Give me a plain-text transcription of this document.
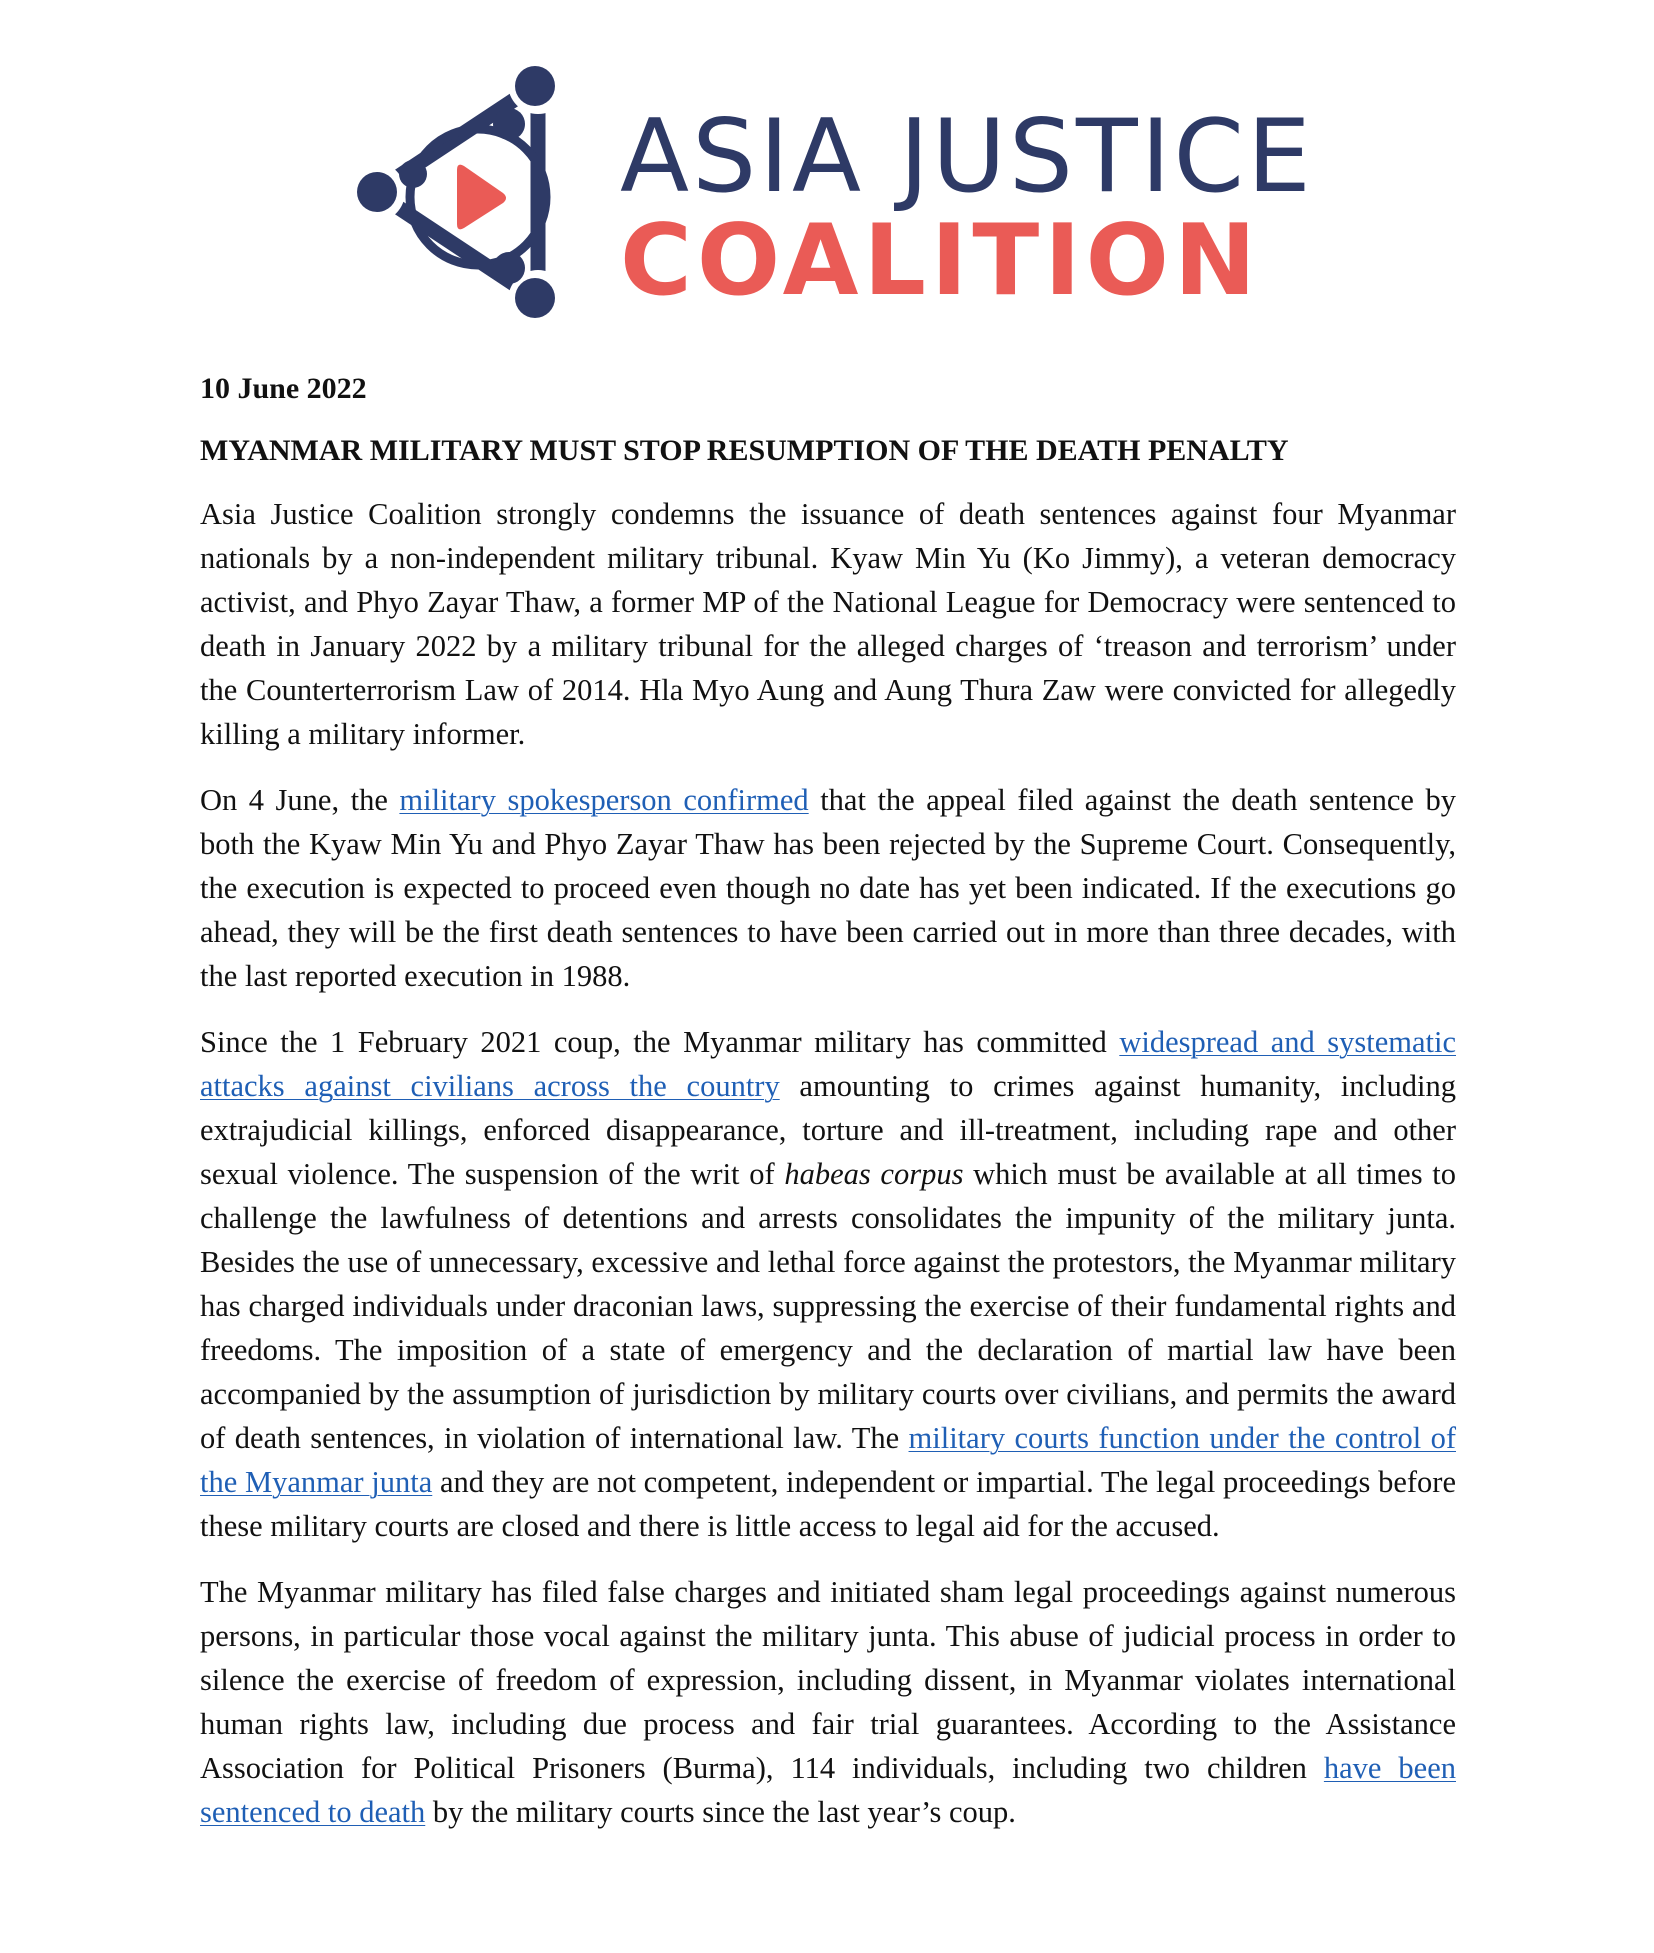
ASIA JUSTICE
COALITION
10 June 2022
MYANMAR MILITARY MUST STOP RESUMPTION OF THE DEATH PENALTY

Asia Justice Coalition strongly condemns the issuance of death sentences against four Myanmar nationals by a non-independent military tribunal. Kyaw Min Yu (Ko Jimmy), a veteran democracy activist, and Phyo Zayar Thaw, a former MP of the National League for Democracy were sentenced to death in January 2022 by a military tribunal for the alleged charges of ‘treason and terrorism’ under the Counterterrorism Law of 2014. Hla Myo Aung and Aung Thura Zaw were convicted for allegedly killing a military informer.

On 4 June, the military spokesperson confirmed that the appeal filed against the death sentence by both the Kyaw Min Yu and Phyo Zayar Thaw has been rejected by the Supreme Court. Consequently, the execution is expected to proceed even though no date has yet been indicated. If the executions go ahead, they will be the first death sentences to have been carried out in more than three decades, with the last reported execution in 1988.

Since the 1 February 2021 coup, the Myanmar military has committed widespread and systematic attacks against civilians across the country amounting to crimes against humanity, including extrajudicial killings, enforced disappearance, torture and ill-treatment, including rape and other sexual violence. The suspension of the writ of habeas corpus which must be available at all times to challenge the lawfulness of detentions and arrests consolidates the impunity of the military junta. Besides the use of unnecessary, excessive and lethal force against the protestors, the Myanmar military has charged individuals under draconian laws, suppressing the exercise of their fundamental rights and freedoms. The imposition of a state of emergency and the declaration of martial law have been accompanied by the assumption of jurisdiction by military courts over civilians, and permits the award of death sentences, in violation of international law. The military courts function under the control of the Myanmar junta and they are not competent, independent or impartial. The legal proceedings before these military courts are closed and there is little access to legal aid for the accused.

The Myanmar military has filed false charges and initiated sham legal proceedings against numerous persons, in particular those vocal against the military junta. This abuse of judicial process in order to silence the exercise of freedom of expression, including dissent, in Myanmar violates international human rights law, including due process and fair trial guarantees. According to the Assistance Association for Political Prisoners (Burma), 114 individuals, including two children have been sentenced to death by the military courts since the last year’s coup.
